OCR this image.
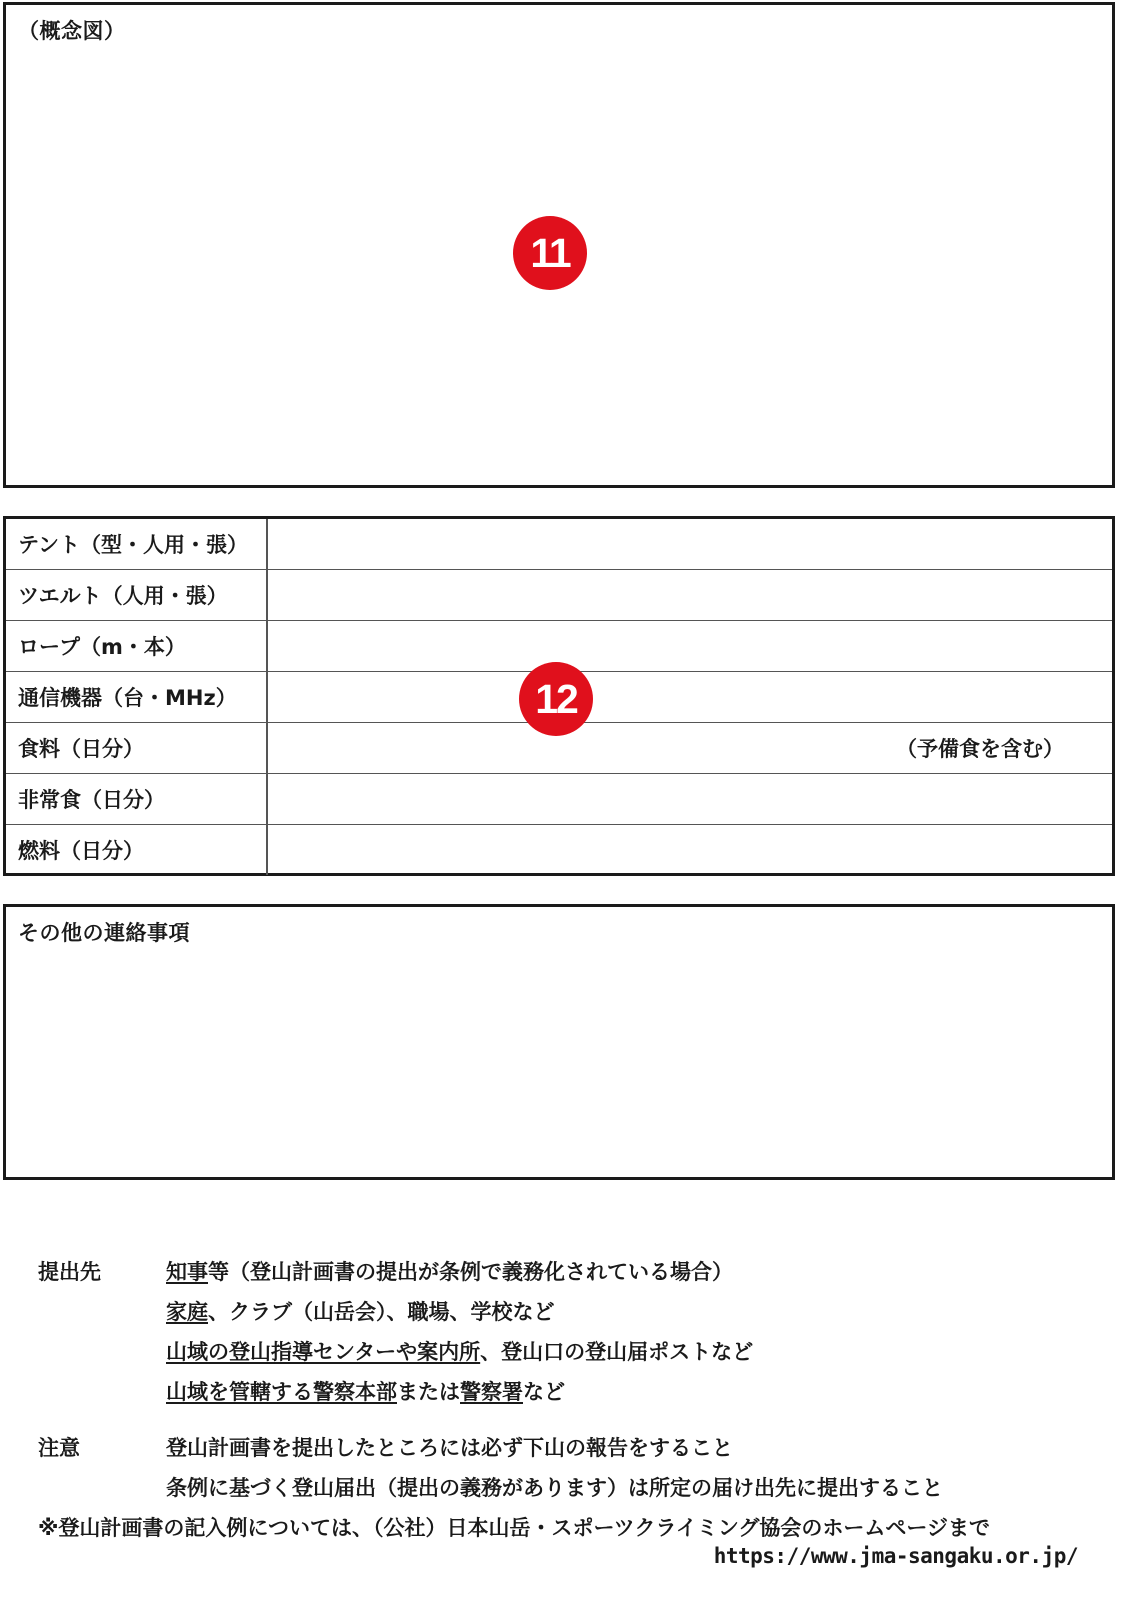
（概念図）
11
テント（型・人用・張）	
ツエルト（人用・張）	
ロープ（m・本）	
通信機器（台・MHz）	
食料（日分）	（予備食を含む）

非常食（日分）	
燃料（日分）	
12
その他の連絡事項
提出先	知事等（登山計画書の提出が条例で義務化されている場合）
家庭、クラブ（山岳会）、職場、学校など
山域の登山指導センターや案内所、登山口の登山届ポストなど
山域を管轄する警察本部または警察署など
注意	登山計画書を提出したところには必ず下山の報告をすること
条例に基づく登山届出（提出の義務があります）は所定の届け出先に提出すること
※登山計画書の記入例については、（公社）日本山岳・スポーツクライミング協会のホームページまで
https://www.jma-sangaku.or.jp/
